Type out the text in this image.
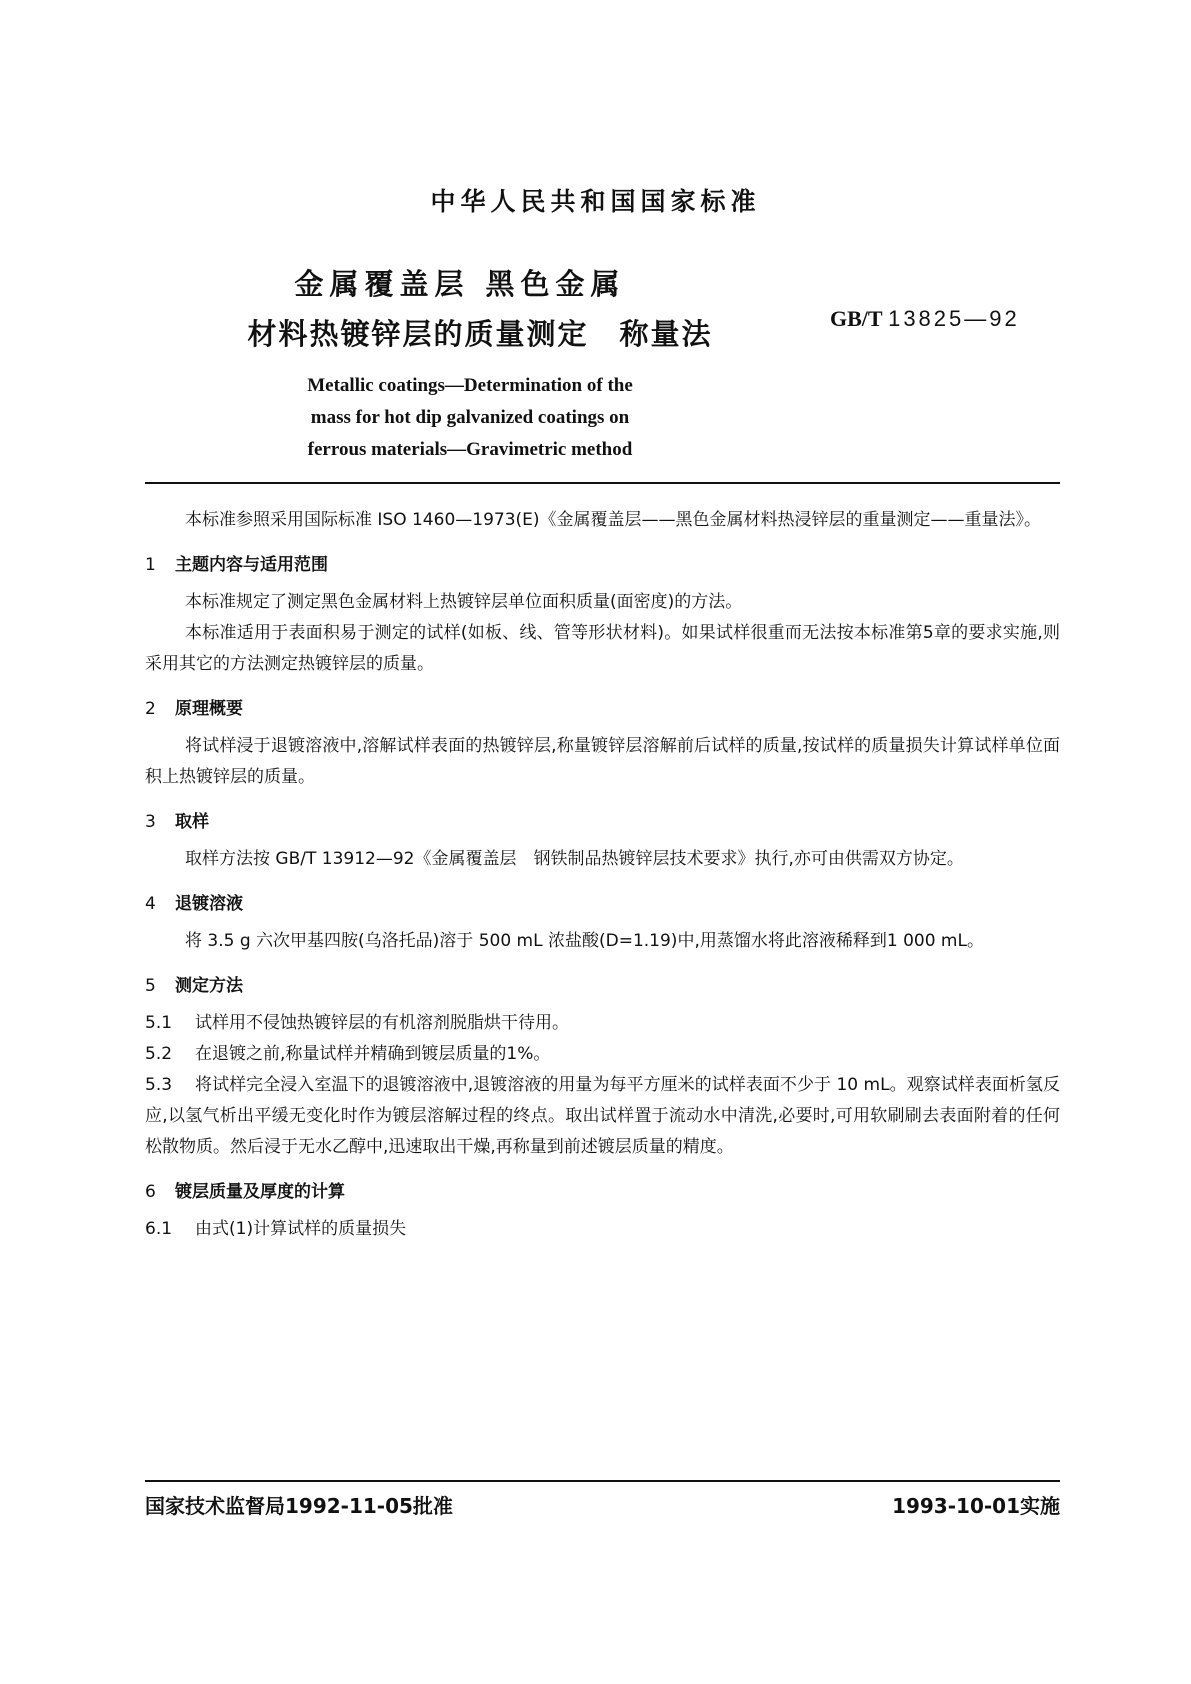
中华人民共和国国家标准
金属覆盖层 黑色金属
材料热镀锌层的质量测定　称量法	GB/T 13825—92
Metallic coatings—Determination of the
mass for hot dip galvanized coatings on
ferrous materials—Gravimetric method

本标准参照采用国际标准 ISO 1460—1973(E)《金属覆盖层——黑色金属材料热浸锌层的重量测定——重量法》。

1 主题内容与适用范围

本标准规定了测定黑色金属材料上热镀锌层单位面积质量(面密度)的方法。

本标准适用于表面积易于测定的试样(如板、线、管等形状材料)。如果试样很重而无法按本标准第5章的要求实施,则采用其它的方法测定热镀锌层的质量。

2 原理概要

将试样浸于退镀溶液中,溶解试样表面的热镀锌层,称量镀锌层溶解前后试样的质量,按试样的质量损失计算试样单位面积上热镀锌层的质量。

3 取样

取样方法按 GB/T 13912—92《金属覆盖层　钢铁制品热镀锌层技术要求》执行,亦可由供需双方协定。

4 退镀溶液

将 3.5 g 六次甲基四胺(乌洛托品)溶于 500 mL 浓盐酸(D=1.19)中,用蒸馏水将此溶液稀释到1 000 mL。

5 测定方法

5.1 试样用不侵蚀热镀锌层的有机溶剂脱脂烘干待用。

5.2 在退镀之前,称量试样并精确到镀层质量的1%。

5.3 将试样完全浸入室温下的退镀溶液中,退镀溶液的用量为每平方厘米的试样表面不少于 10 mL。观察试样表面析氢反应,以氢气析出平缓无变化时作为镀层溶解过程的终点。取出试样置于流动水中清洗,必要时,可用软刷刷去表面附着的任何松散物质。然后浸于无水乙醇中,迅速取出干燥,再称量到前述镀层质量的精度。

6 镀层质量及厚度的计算

6.1 由式(1)计算试样的质量损失

国家技术监督局1992-11-05批准	1993-10-01实施
